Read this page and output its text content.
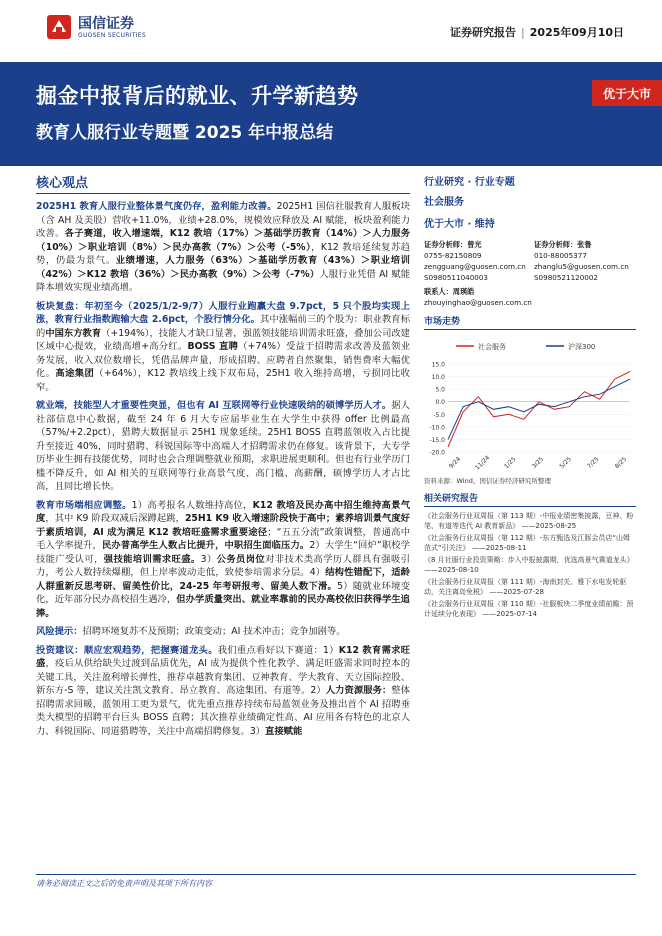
国信证券
GUOSEN SECURITIES	证券研究报告 | 2025年09月10日
掘金中报背后的就业、升学新趋势
教育人服行业专题暨 2025 年中报总结
优于大市
核心观点
2025H1 教育人服行业整体景气度仍存，盈利能力改善。2025H1 国信社服教育人服板块（含 AH 及美股）营收+11.0%，业绩+28.0%，规模效应释放及 AI 赋能，板块盈利能力改善。各子赛道，收入增速端，K12 教培（17%）＞基础学历教育（14%）＞人力服务（10%）＞职业培训（8%）＞民办高教（7%）＞公考（-5%），K12 教培延续复苏趋势，仍最为景气。业绩增速，人力服务（63%）＞基础学历教育（43%）＞职业培训（42%）＞K12 教培（36%）＞民办高教（9%）＞公考（-7%）人服行业凭借 AI 赋能降本增效实现业绩高增。
板块复盘：年初至今（2025/1/2-9/7）人服行业跑赢大盘 9.7pct，5 只个股均实现上涨，教育行业指数跑输大盘 2.6pct，个股行情分化。其中涨幅前三的个股为：职业教育标的中国东方教育（+194%），技能人才缺口显著，强蓝领技能培训需求旺盛，叠加公司改建区域中心提效，业绩高增+高分红。BOSS 直聘（+74%）受益于招聘需求改善及蓝领业务发展，收入双位数增长，凭借品牌声量，形成招聘、应聘者自然聚集，销售费率大幅优化。高途集团（+64%），K12 教培线上线下双布局，25H1 收入维持高增，亏损同比收窄。
就业端，技能型人才重要性突显，但也有 AI 互联网等行业快速吸纳的硕博学历人才。据人社部信息中心数据，截至 24 年 6 月大专应届毕业生在大学生中获得 offer 比例最高（57%/+2.2pct），猎聘大数据显示 25H1 现象延续。25H1 BOSS 直聘蓝领收入占比提升至接近 40%，同时猎聘、科锐国际等中高端人才招聘需求仍在修复。该背景下，大专学历毕业生拥有技能优势，同时也会合理调整就业预期，求职进展更顺利。但也有行业学历门槛不降反升，如 AI 相关的互联网等行业高景气度、高门槛、高薪酬，硕博学历人才占比高，且同比增长快。
教育市场端相应调整。1）高考报名人数维持高位，K12 教培及民办高中招生维持高景气度，其中 K9 阶段双减后深蹲起跳，25H1 K9 收入增速阶段快于高中；素养培训景气度好于素质培训，AI 成为满足 K12 教培旺盛需求重要途径；“五五分流”政策调整，普通高中毛入学率提升，民办普高学生人数占比提升，中职招生面临压力。2）大学生“回炉”职校学技能广受认可，强技能培训需求旺盛。3）公务员岗位对非技术类高学历人群具有强吸引力，考公人数持续爆棚，但上岸率波动走低，致使参培需求分层。4）结构性错配下，适龄人群重新反思考研、留美性价比，24-25 年考研报考、留美人数下滑。5）随就业环境变化，近年部分民办高校招生遇冷，但办学质量突出、就业率靠前的民办高校依旧获得学生追捧。
风险提示：招聘环境复苏不及预期；政策变动；AI 技术冲击；竞争加剧等。
投资建议：顺应宏观趋势，把握赛道龙头。我们重点看好以下赛道：1）K12 教育需求旺盛，疫后从供给缺失过渡到品质优先，AI 成为提供个性化教学、满足旺盛需求同时控本的关键工具，关注盈利增长弹性，推荐卓越教育集团、豆神教育、学大教育、天立国际控股、新东方-S 等，建议关注凯文教育、昂立教育、高途集团、有道等。2）人力资源服务：整体招聘需求回暖，蓝领用工更为景气，优先重点推荐持续布局蓝领业务及推出首个 AI 招聘垂类大模型的招聘平台巨头 BOSS 直聘；其次推荐业绩确定性高、AI 应用各有特色的北京人力、科锐国际、同道猎聘等，关注中高端招聘修复。3）直接赋能
行业研究 · 行业专题
社会服务
优于大市 · 维持
证券分析师：曾光
0755-82150809
zengguang@guosen.com.cn
S0980511040003
证券分析师：张鲁
010-88005377
zhanglu5@guosen.com.cn
S0980521120002
联系人：周瑛皓
zhouyinghao@guosen.com.cn
市场走势
社会服务	沪深300
15.0
10.0
5.0
0.0
-5.0
-10.0
-15.0
-20.0
9/24 11/24 1/25 3/25 5/25 7/25 8/25
资料来源：Wind、国信证券经济研究所整理
相关研究报告
《社会服务行业双周报（第 113 期）-中报业绩密集披露，豆神、粉笔、有道等迭代 AI 教育新品》 ——2025-08-25
《社会服务行业双周报（第 112 期）-东方甄选及江豚会员店“山姆范式”引关注》 ——2025-08-11
《8 月社服行业投资策略：步入中报披露期，优选高景气赛道龙头》 ——2025-08-10
《社会服务行业双周报（第 111 期）-海南封关、雅下水电发轮驱动，关注离岛免税》 ——2025-07-28
《社会服务行业双周报（第 110 期）-社服板块二季度业绩前瞻：预计延续分化表现》 ——2025-07-14
请务必阅读正文之后的免责声明及其项下所有内容
